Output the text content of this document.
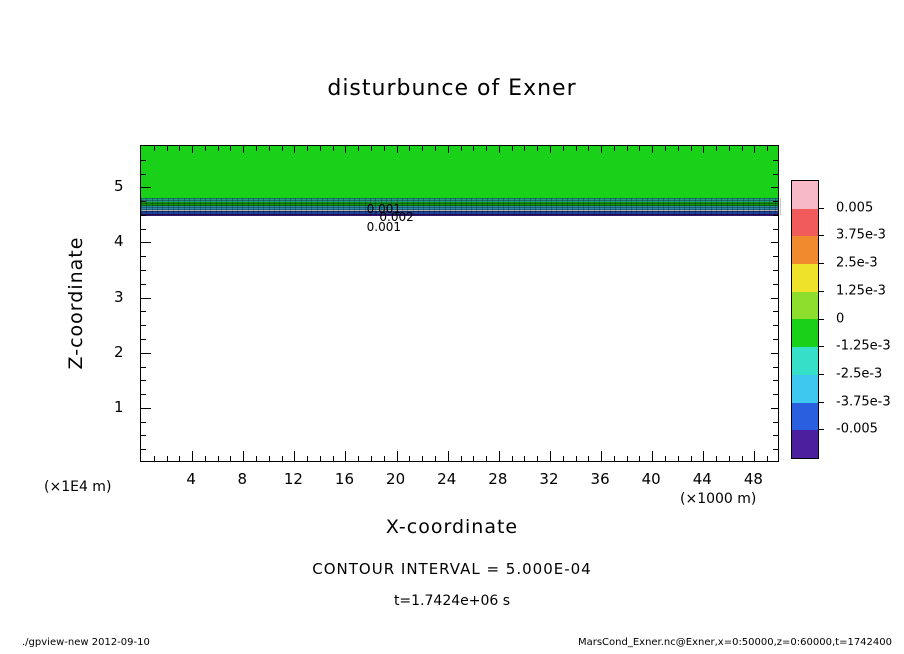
disturbunce of Exner
0.001
0.002
0.001
4	8 12 16 20 24 28 32 36 40 44 48
1
2
3
4
5
Z-coordinate
X-coordinate
(×1E4 m)
(×1000 m)
CONTOUR INTERVAL = 5.000E-04
t=1.7424e+06 s
./gpview-new 2012-09-10	MarsCond_Exner.nc@Exner,x=0:50000,z=0:60000,t=1742400
0.005
3.75e-3
2.5e-3
1.25e-3
0
-1.25e-3
-2.5e-3
-3.75e-3
-0.005
